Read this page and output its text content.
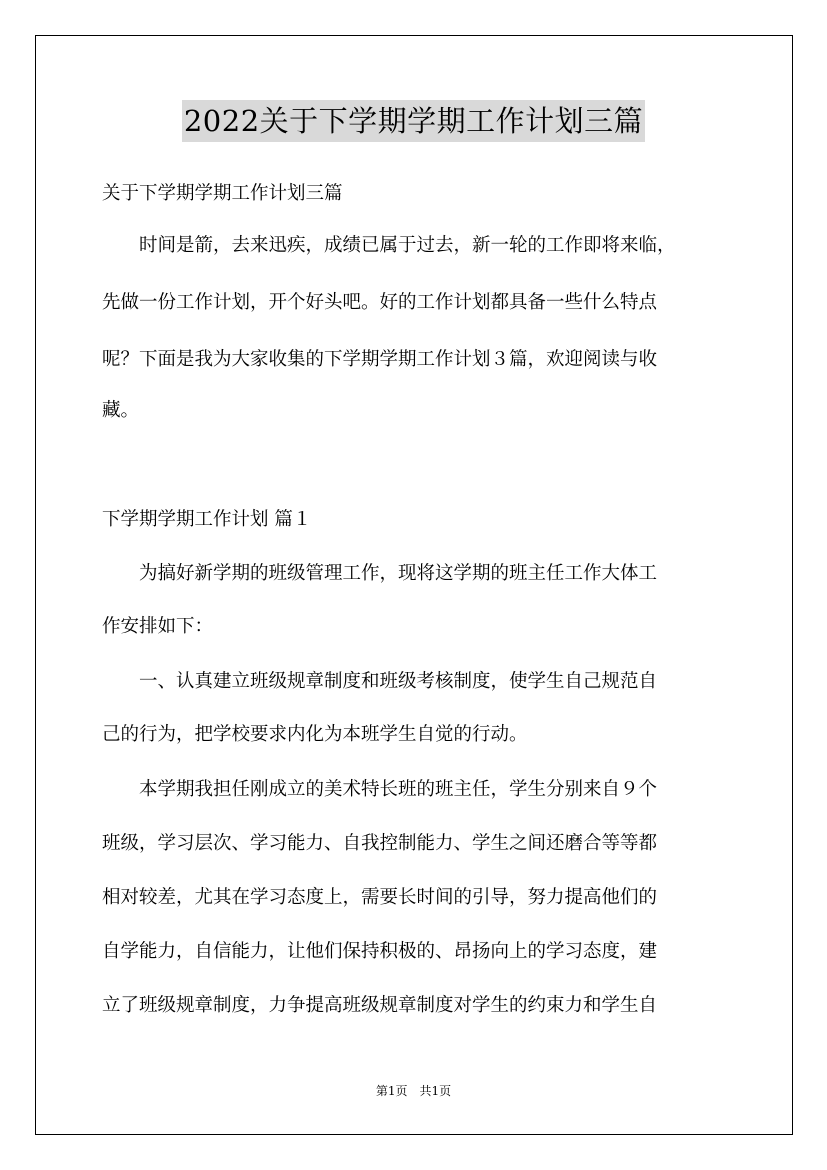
2022关于下学期学期工作计划三篇
关于下学期学期工作计划三篇
　　时间是箭，去来迅疾，成绩已属于过去，新一轮的工作即将来临，
先做一份工作计划，开个好头吧。好的工作计划都具备一些什么特点
呢？下面是我为大家收集的下学期学期工作计划３篇，欢迎阅读与收
藏。
下学期学期工作计划 篇１
　　为搞好新学期的班级管理工作，现将这学期的班主任工作大体工
作安排如下：
　　一、认真建立班级规章制度和班级考核制度，使学生自己规范自
己的行为，把学校要求内化为本班学生自觉的行动。
　　本学期我担任刚成立的美术特长班的班主任，学生分别来自９个
班级，学习层次、学习能力、自我控制能力、学生之间还磨合等等都
相对较差，尤其在学习态度上，需要长时间的引导，努力提高他们的
自学能力，自信能力，让他们保持积极的、昂扬向上的学习态度，建
立了班级规章制度，力争提高班级规章制度对学生的约束力和学生自
第1页　共1页
